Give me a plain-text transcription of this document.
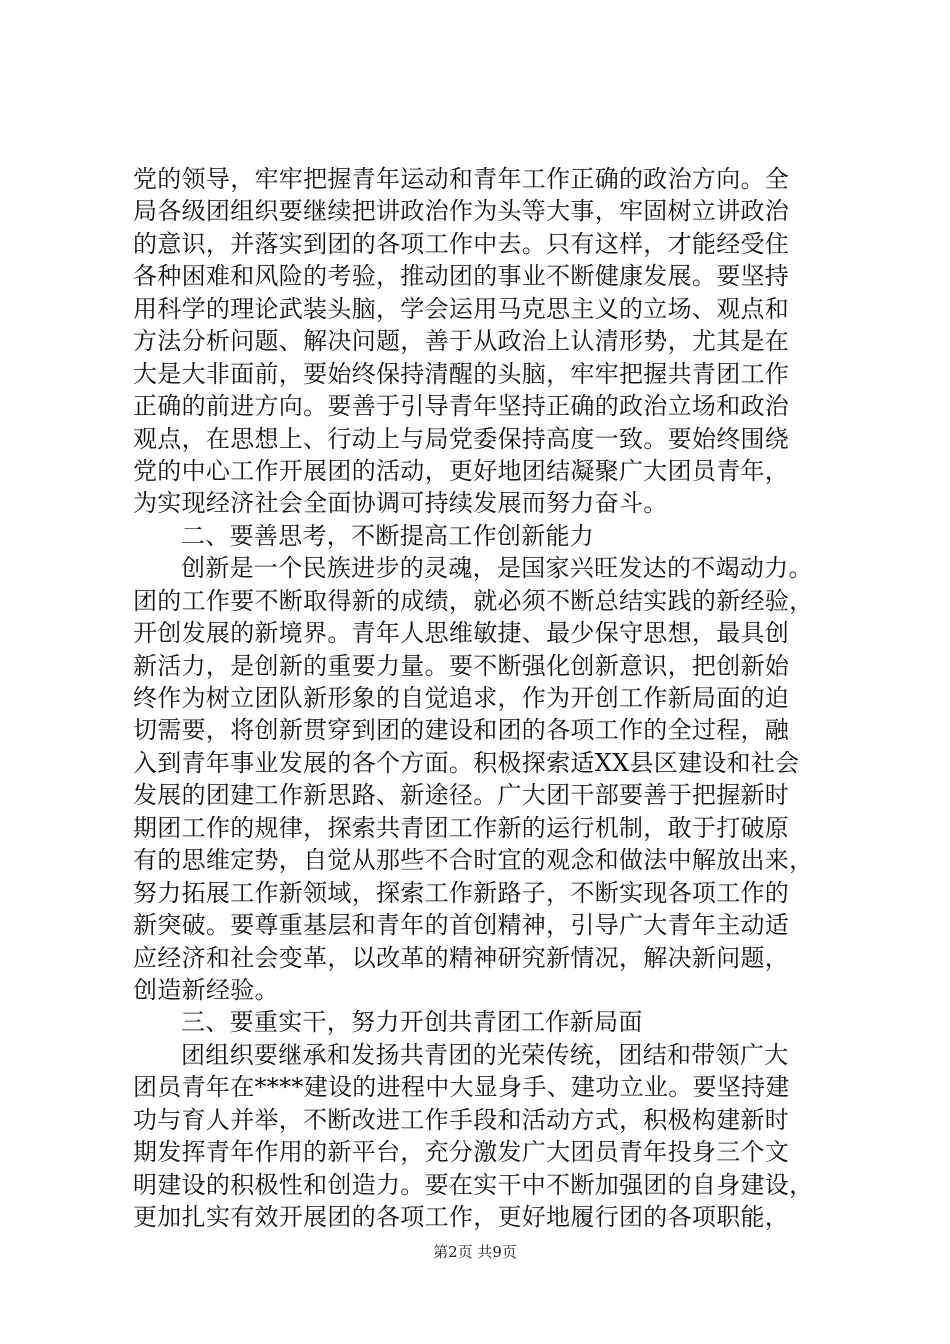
党的领导，牢牢把握青年运动和青年工作正确的政治方向。全
局各级团组织要继续把讲政治作为头等大事，牢固树立讲政治
的意识，并落实到团的各项工作中去。只有这样，才能经受住
各种困难和风险的考验，推动团的事业不断健康发展。要坚持
用科学的理论武装头脑，学会运用马克思主义的立场、观点和
方法分析问题、解决问题，善于从政治上认清形势，尤其是在
大是大非面前，要始终保持清醒的头脑，牢牢把握共青团工作
正确的前进方向。要善于引导青年坚持正确的政治立场和政治
观点，在思想上、行动上与局党委保持高度一致。要始终围绕
党的中心工作开展团的活动，更好地团结凝聚广大团员青年，
为实现经济社会全面协调可持续发展而努力奋斗。
二、要善思考，不断提高工作创新能力
创新是一个民族进步的灵魂，是国家兴旺发达的不竭动力。
团的工作要不断取得新的成绩，就必须不断总结实践的新经验，
开创发展的新境界。青年人思维敏捷、最少保守思想，最具创
新活力，是创新的重要力量。要不断强化创新意识，把创新始
终作为树立团队新形象的自觉追求，作为开创工作新局面的迫
切需要，将创新贯穿到团的建设和团的各项工作的全过程，融
入到青年事业发展的各个方面。积极探索适XX县区建设和社会
发展的团建工作新思路、新途径。广大团干部要善于把握新时
期团工作的规律，探索共青团工作新的运行机制，敢于打破原
有的思维定势，自觉从那些不合时宜的观念和做法中解放出来，
努力拓展工作新领域，探索工作新路子，不断实现各项工作的
新突破。要尊重基层和青年的首创精神，引导广大青年主动适
应经济和社会变革，以改革的精神研究新情况，解决新问题，
创造新经验。
三、要重实干，努力开创共青团工作新局面
团组织要继承和发扬共青团的光荣传统，团结和带领广大
团员青年在****建设的进程中大显身手、建功立业。要坚持建
功与育人并举，不断改进工作手段和活动方式，积极构建新时
期发挥青年作用的新平台，充分激发广大团员青年投身三个文
明建设的积极性和创造力。要在实干中不断加强团的自身建设，
更加扎实有效开展团的各项工作，更好地履行团的各项职能，
第2页 共9页
